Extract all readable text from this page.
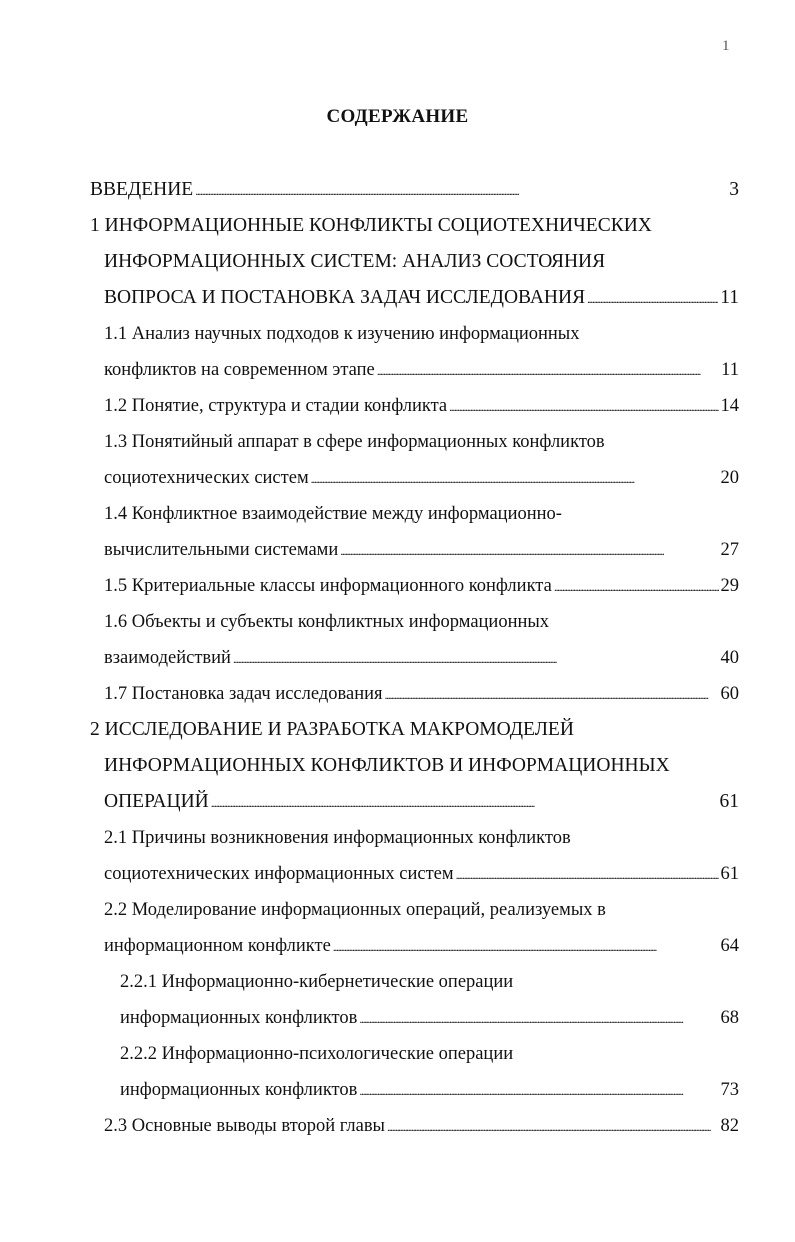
1
СОДЕРЖАНИЕ
ВВЕДЕНИЕ . . .	3
1 ИНФОРМАЦИОННЫЕ КОНФЛИКТЫ СОЦИОТЕХНИЧЕСКИХ
ИНФОРМАЦИОННЫХ СИСТЕМ: АНАЛИЗ СОСТОЯНИЯ
ВОПРОСА И ПОСТАНОВКА ЗАДАЧ ИССЛЕДОВАНИЯ . . .	11
1.1 Анализ научных подходов к изучению информационных
конфликтов на современном этапе . . .	11
1.2 Понятие, структура и стадии конфликта . . .	14
1.3 Понятийный аппарат в сфере информационных конфликтов
социотехнических систем . . .	20
1.4 Конфликтное взаимодействие между информационно-
вычислительными системами . . .	27
1.5 Критериальные классы информационного конфликта . . .	29
1.6 Объекты и субъекты конфликтных информационных
взаимодействий . . .	40
1.7 Постановка задач исследования . . .	60
2 ИССЛЕДОВАНИЕ И РАЗРАБОТКА МАКРОМОДЕЛЕЙ
ИНФОРМАЦИОННЫХ КОНФЛИКТОВ И ИНФОРМАЦИОННЫХ
ОПЕРАЦИЙ . . .	61
2.1 Причины возникновения информационных конфликтов
социотехнических информационных систем . . .	61
2.2 Моделирование информационных операций, реализуемых в
информационном конфликте . . .	64
2.2.1 Информационно-кибернетические операции
информационных конфликтов . . .	68
2.2.2 Информационно-психологические операции
информационных конфликтов . . .	73
2.3 Основные выводы второй главы . . .	82
